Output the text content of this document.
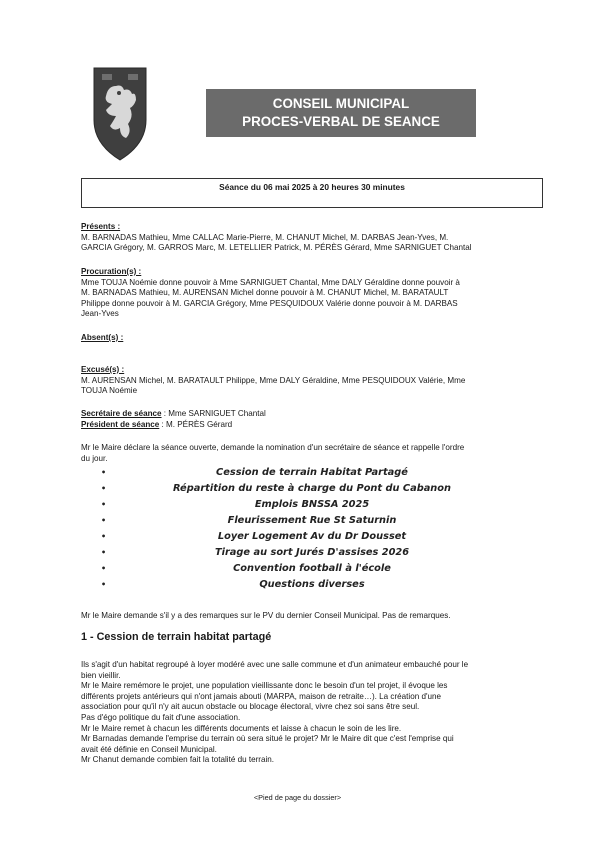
CONSEIL MUNICIPAL
PROCES-VERBAL DE SEANCE
Séance du 06 mai 2025 à 20 heures 30 minutes

Présents :

M. BARNADAS Mathieu, Mme CALLAC Marie-Pierre, M. CHANUT Michel, M. DARBAS Jean-Yves, M.

GARCIA Grégory, M. GARROS Marc, M. LETELLIER Patrick, M. PÉRÈS Gérard, Mme SARNIGUET Chantal

Procuration(s) :

Mme TOUJA Noémie donne pouvoir à Mme SARNIGUET Chantal, Mme DALY Géraldine donne pouvoir à

M. BARNADAS Mathieu, M. AURENSAN Michel donne pouvoir à M. CHANUT Michel, M. BARATAULT

Philippe donne pouvoir à M. GARCIA Grégory, Mme PESQUIDOUX Valérie donne pouvoir à M. DARBAS

Jean-Yves

Absent(s) :

Excusé(s) :

M. AURENSAN Michel, M. BARATAULT Philippe, Mme DALY Géraldine, Mme PESQUIDOUX Valérie, Mme

TOUJA Noémie

Secrétaire de séance : Mme SARNIGUET Chantal

Président de séance : M. PÉRÈS Gérard

Mr le Maire déclare la séance ouverte, demande la nomination d'un secrétaire de séance et rappelle l'ordre

du jour.

•	Cession de terrain Habitat Partagé
•	Répartition du reste à charge du Pont du Cabanon
•	Emplois BNSSA 2025
•	Fleurissement Rue St Saturnin
•	Loyer Logement Av du Dr Dousset
•	Tirage au sort Jurés D'assises 2026
•	Convention football à l'école
•	Questions diverses

Mr le Maire demande s'il y a des remarques sur le PV du dernier Conseil Municipal. Pas de remarques.

1 - Cession de terrain habitat partagé

Ils s'agit d'un habitat regroupé à loyer modéré avec une salle commune et d'un animateur embauché pour le

bien vieillir.

Mr le Maire remémore le projet, une population vieillissante donc le besoin d'un tel projet, il évoque les

différents projets antérieurs qui n'ont jamais abouti (MARPA, maison de retraite…). La création d'une

association pour qu'il n'y ait aucun obstacle ou blocage électoral, vivre chez soi sans être seul.

Pas d'égo politique du fait d'une association.

Mr le Maire remet à chacun les différents documents et laisse à chacun le soin de les lire.

Mr Barnadas demande l'emprise du terrain où sera situé le projet? Mr le Maire dit que c'est l'emprise qui

avait été définie en Conseil Municipal.

Mr Chanut demande combien fait la totalité du terrain.

<Pied de page du dossier>
